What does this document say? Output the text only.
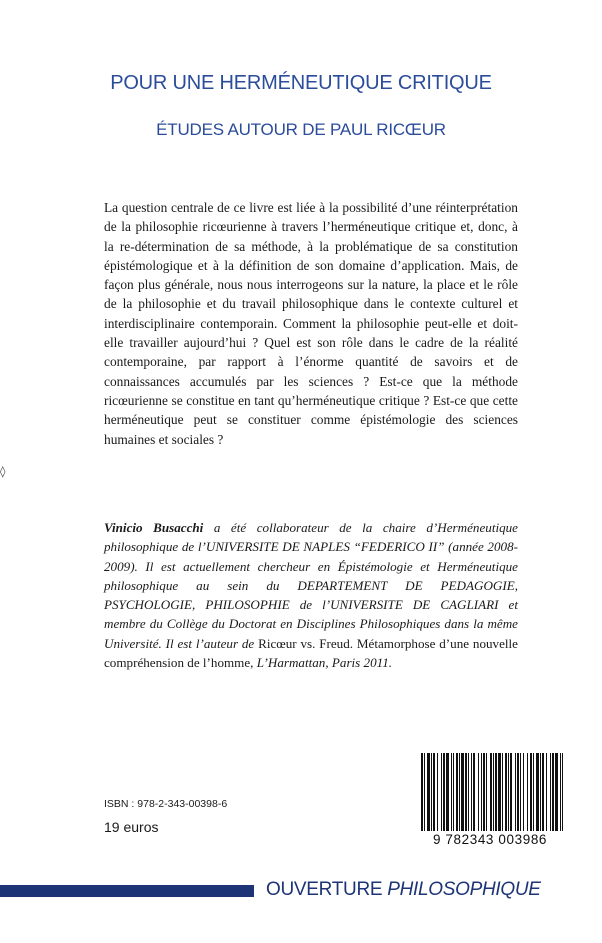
POUR UNE HERMÉNEUTIQUE CRITIQUE
ÉTUDES AUTOUR DE PAUL RICŒUR

La question centrale de ce livre est liée à la possibilité d’une réinterprétation de la philosophie ricœurienne à travers l’herméneutique critique et, donc, à la re-détermination de sa méthode, à la problématique de sa constitution épistémologique et à la définition de son domaine d’application. Mais, de façon plus générale, nous nous interrogeons sur la nature, la place et le rôle de la philosophie et du travail philosophique dans le contexte culturel et interdisciplinaire contemporain. Comment la philosophie peut-elle et doit-elle travailler aujourd’hui ? Quel est son rôle dans le cadre de la réalité contemporaine, par rapport à l’énorme quantité de savoirs et de connaissances accumulés par les sciences ? Est-ce que la méthode ricœurienne se constitue en tant qu’herméneutique critique ? Est-ce que cette herméneutique peut se constituer comme épistémologie des sciences humaines et sociales ?

Vinicio Busacchi a été collaborateur de la chaire d’Herméneutique philosophique de l’UNIVERSITE DE NAPLES “FEDERICO II” (année 2008-2009). Il est actuellement chercheur en Épistémologie et Herméneutique philosophique au sein du DEPARTEMENT DE PEDAGOGIE, PSYCHOLOGIE, PHILOSOPHIE de l’UNIVERSITE DE CAGLIARI et membre du Collège du Doctorat en Disciplines Philosophiques dans la même Université. Il est l’auteur de Ricœur vs. Freud. Métamorphose d’une nouvelle compréhension de l’homme, L’Harmattan, Paris 2011.

ISBN : 978-2-343-00398-6
19 euros
9 782343 003986
OUVERTURE PHILOSOPHIQUE
◊
